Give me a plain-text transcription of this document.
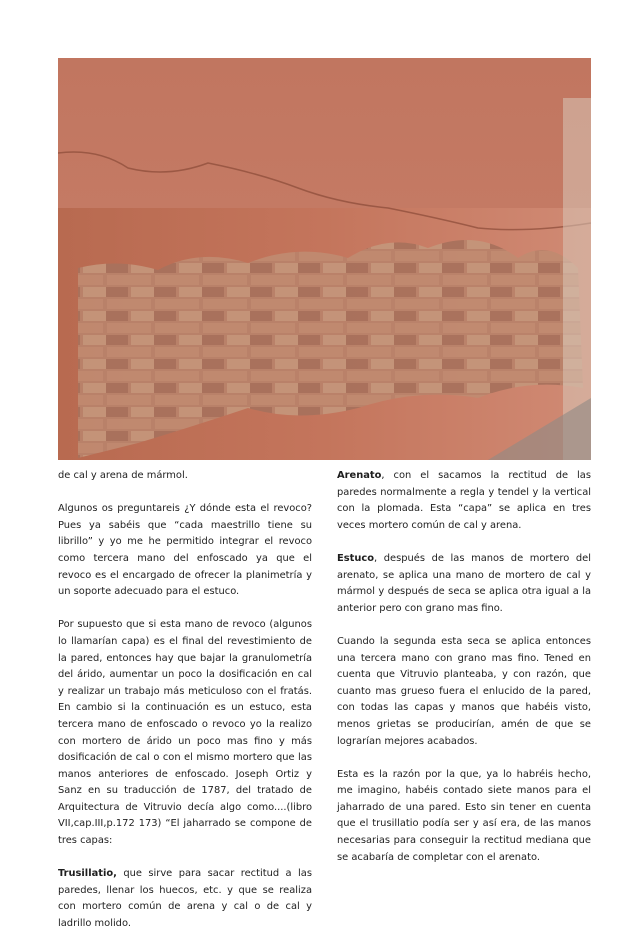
de cal y arena de mármol.

Algunos os preguntareis ¿Y dónde esta el revoco? Pues ya sabéis que “cada maestrillo tiene su librillo” y yo me he permitido integrar el revoco como tercera mano del enfoscado ya que el revoco es el encargado de ofrecer la planimetría y un soporte adecuado para el estuco.

Por supuesto que si esta mano de revoco (algunos lo llamarían capa) es el final del revestimiento de la pared, entonces hay que bajar la granulometría del árido, aumentar un poco la dosificación en cal y realizar un trabajo más meticuloso con el fratás. En cambio si la continuación es un estuco, esta tercera mano de enfoscado o revoco yo la realizo con mortero de árido un poco mas fino y más dosificación de cal o con el mismo mortero que las manos anteriores de enfoscado. Joseph Ortiz y Sanz en su traducción de 1787, del tratado de Arquitectura de Vitruvio decía algo como....(libro VII,cap.III,p.172 173) “El jaharrado se compone de tres capas:

Trusillatio, que sirve para sacar rectitud a las paredes, llenar los huecos, etc. y que se realiza con mortero común de arena y cal o de cal y ladrillo molido.

Arenato, con el sacamos la rectitud de las paredes normalmente a regla y tendel y la vertical con la plomada. Esta “capa” se aplica en tres veces mortero común de cal y arena.

Estuco, después de las manos de mortero del arenato, se aplica una mano de mortero de cal y mármol y después de seca se aplica otra igual a la anterior pero con grano mas fino.

Cuando la segunda esta seca se aplica entonces una tercera mano con grano mas fino. Tened en cuenta que Vitruvio planteaba, y con razón, que cuanto mas grueso fuera el enlucido de la pared, con todas las capas y manos que habéis visto, menos grietas se producirían, amén de que se lograrían mejores acabados.

Esta es la razón por la que, ya lo habréis hecho, me imagino, habéis contado siete manos para el jaharrado de una pared. Esto sin tener en cuenta que el trusillatio podía ser y así era, de las manos necesarias para conseguir la rectitud mediana que se acabaría de completar con el arenato.
